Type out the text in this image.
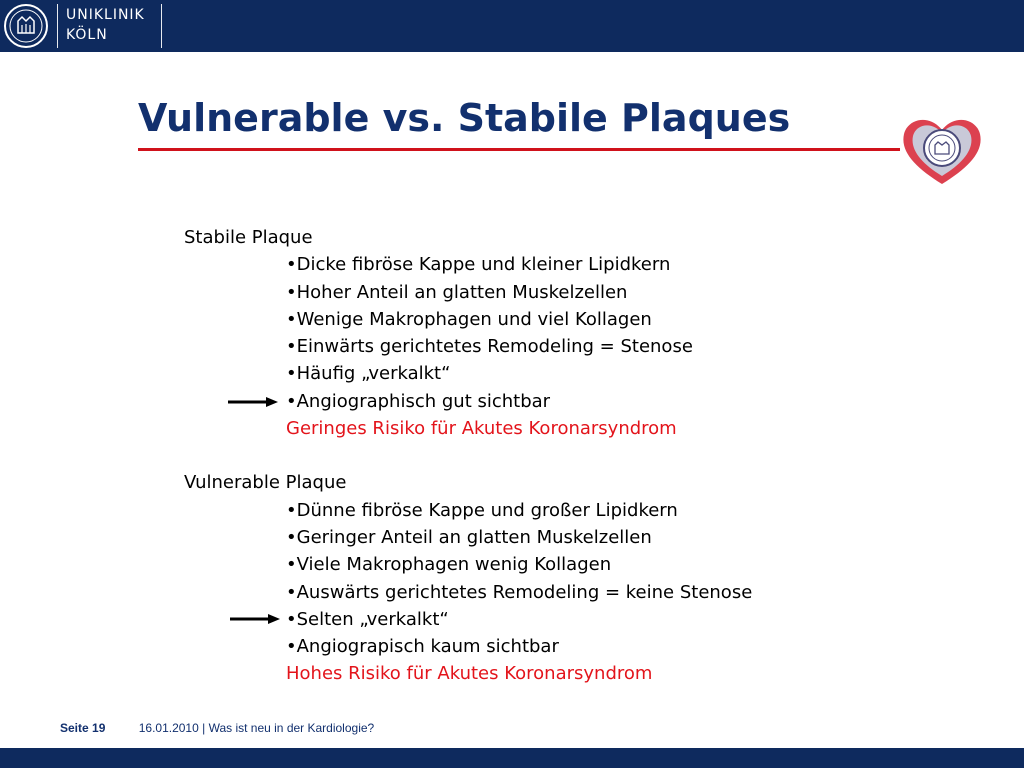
UNIKLINIK
KÖLN
Vulnerable vs. Stabile Plaques
Stabile Plaque
•Dicke fibröse Kappe und kleiner Lipidkern
•Hoher Anteil an glatten Muskelzellen
•Wenige Makrophagen und viel Kollagen
•Einwärts gerichtetes Remodeling = Stenose
•Häufig „verkalkt“
•Angiographisch gut sichtbar
Geringes Risiko für Akutes Koronarsyndrom
Vulnerable Plaque
•Dünne fibröse Kappe und großer Lipidkern
•Geringer Anteil an glatten Muskelzellen
•Viele Makrophagen wenig Kollagen
•Auswärts gerichtetes Remodeling = keine Stenose
•Selten „verkalkt“
•Angiograpisch kaum sichtbar
Hohes Risiko für Akutes Koronarsyndrom
Seite 19	16.01.2010 | Was ist neu in der Kardiologie?
